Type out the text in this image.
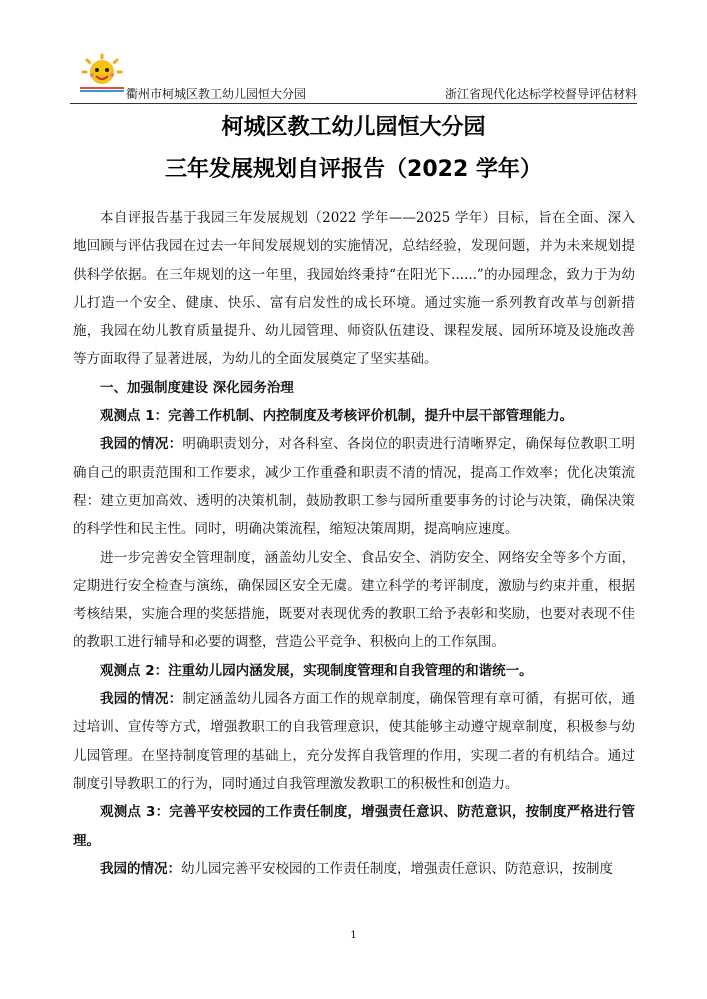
衢州市柯城区教工幼儿园恒大分园	浙江省现代化达标学校督导评估材料
柯城区教工幼儿园恒大分园
三年发展规划自评报告（2022 学年）

本自评报告基于我园三年发展规划（2022 学年——2025 学年）目标，旨在全面、深入地回顾与评估我园在过去一年间发展规划的实施情况，总结经验，发现问题，并为未来规划提供科学依据。在三年规划的这一年里，我园始终秉持“在阳光下......”的办园理念，致力于为幼儿打造一个安全、健康、快乐、富有启发性的成长环境。通过实施一系列教育改革与创新措施，我园在幼儿教育质量提升、幼儿园管理、师资队伍建设、课程发展、园所环境及设施改善等方面取得了显著进展，为幼儿的全面发展奠定了坚实基础。

一、加强制度建设 深化园务治理

观测点 1：完善工作机制、内控制度及考核评价机制，提升中层干部管理能力。

我园的情况：明确职责划分，对各科室、各岗位的职责进行清晰界定，确保每位教职工明确自己的职责范围和工作要求，减少工作重叠和职责不清的情况，提高工作效率；优化决策流程：建立更加高效、透明的决策机制，鼓励教职工参与园所重要事务的讨论与决策，确保决策的科学性和民主性。同时，明确决策流程，缩短决策周期，提高响应速度。

进一步完善安全管理制度，涵盖幼儿安全、食品安全、消防安全、网络安全等多个方面，定期进行安全检查与演练，确保园区安全无虞。建立科学的考评制度，激励与约束并重，根据考核结果，实施合理的奖惩措施，既要对表现优秀的教职工给予表彰和奖励，也要对表现不佳的教职工进行辅导和必要的调整，营造公平竞争、积极向上的工作氛围。

观测点 2：注重幼儿园内涵发展，实现制度管理和自我管理的和谐统一。

我园的情况：制定涵盖幼儿园各方面工作的规章制度，确保管理有章可循，有据可依，通过培训、宣传等方式，增强教职工的自我管理意识，使其能够主动遵守规章制度，积极参与幼儿园管理。在坚持制度管理的基础上，充分发挥自我管理的作用，实现二者的有机结合。通过制度引导教职工的行为，同时通过自我管理激发教职工的积极性和创造力。

观测点 3：完善平安校园的工作责任制度，增强责任意识、防范意识，按制度严格进行管理。

我园的情况：幼儿园完善平安校园的工作责任制度，增强责任意识、防范意识，按制度

1
